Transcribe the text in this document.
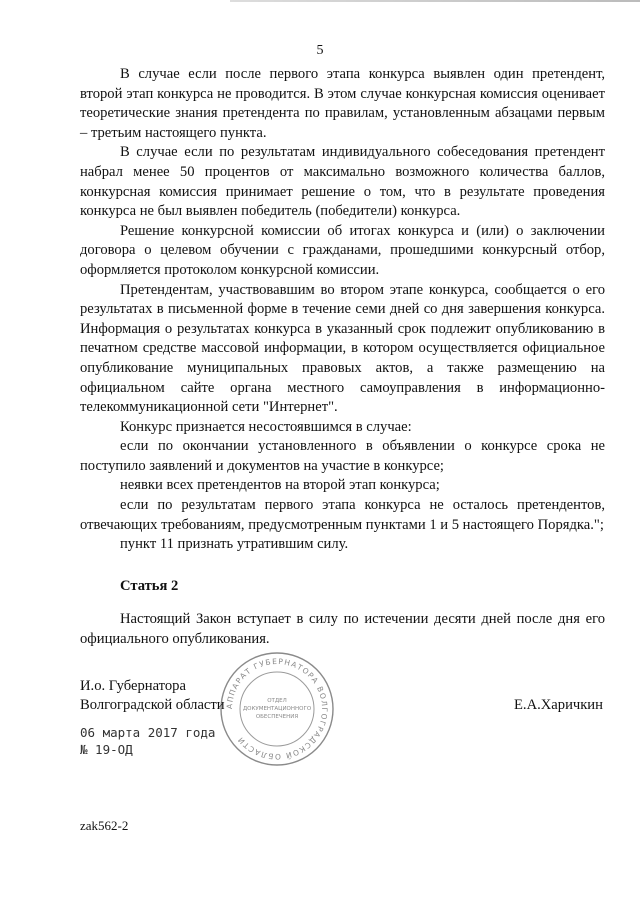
5

В случае если после первого этапа конкурса выявлен один претендент, второй этап конкурса не проводится. В этом случае конкурсная комиссия оценивает теоретические знания претендента по правилам, установленным абзацами первым – третьим настоящего пункта.

В случае если по результатам индивидуального собеседования претендент набрал менее 50 процентов от максимально возможного количества баллов, конкурсная комиссия принимает решение о том, что в результате проведения конкурса не был выявлен победитель (победители) конкурса.

Решение конкурсной комиссии об итогах конкурса и (или) о заключении договора о целевом обучении с гражданами, прошедшими конкурсный отбор, оформляется протоколом конкурсной комиссии.

Претендентам, участвовавшим во втором этапе конкурса, сообщается о его результатах в письменной форме в течение семи дней со дня завершения конкурса. Информация о результатах конкурса в указанный срок подлежит опубликованию в печатном средстве массовой информации, в котором осуществляется официальное опубликование муниципальных правовых актов, а также размещению на официальном сайте органа местного самоуправления в информационно-телекоммуникационной сети "Интернет".

Конкурс признается несостоявшимся в случае:

если по окончании установленного в объявлении о конкурсе срока не поступило заявлений и документов на участие в конкурсе;

неявки всех претендентов на второй этап конкурса;

если по результатам первого этапа конкурса не осталось претендентов, отвечающих требованиям, предусмотренным пунктами 1 и 5 настоящего Порядка.";

пункт 11 признать утратившим силу.

Статья 2

Настоящий Закон вступает в силу по истечении десяти дней после дня его официального опубликования.

АППАРАТ ГУБЕРНАТОРА ВОЛГОГРАДСКОЙ ОБЛАСТИ
ОТДЕЛ
ДОКУМЕНТАЦИОННОГО
ОБЕСПЕЧЕНИЯ
И.о. Губернатора
Волгоградской области	Е.А.Харичкин
06 марта 2017 года
№ 19-ОД
zak562-2
